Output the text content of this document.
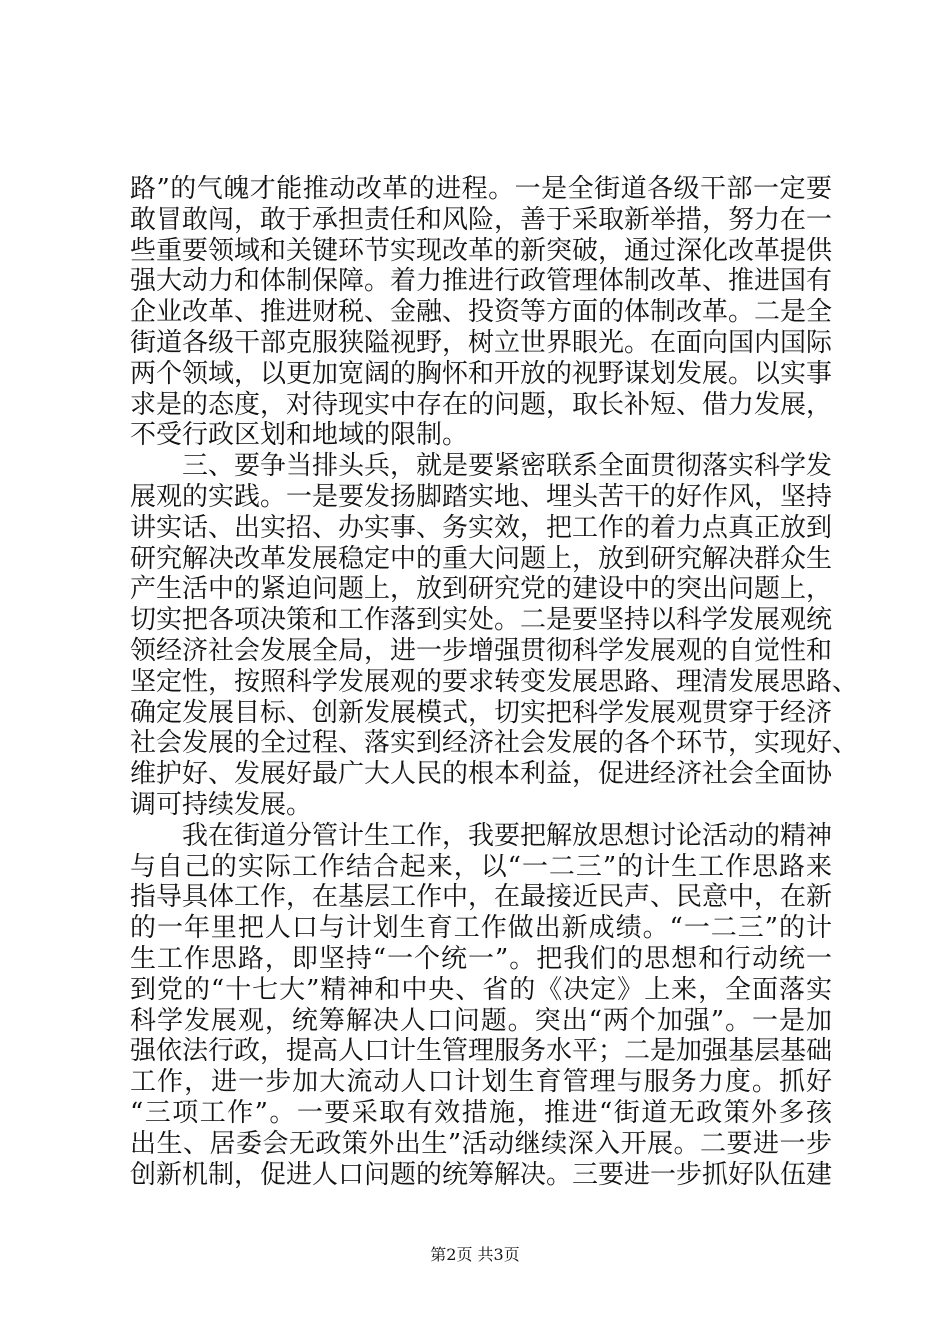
路”的气魄才能推动改革的进程。一是全街道各级干部一定要
敢冒敢闯，敢于承担责任和风险，善于采取新举措，努力在一
些重要领域和关键环节实现改革的新突破，通过深化改革提供
强大动力和体制保障。着力推进行政管理体制改革、推进国有
企业改革、推进财税、金融、投资等方面的体制改革。二是全
街道各级干部克服狭隘视野，树立世界眼光。在面向国内国际
两个领域，以更加宽阔的胸怀和开放的视野谋划发展。以实事
求是的态度，对待现实中存在的问题，取长补短、借力发展，
不受行政区划和地域的限制。
　　三、要争当排头兵，就是要紧密联系全面贯彻落实科学发
展观的实践。一是要发扬脚踏实地、埋头苦干的好作风，坚持
讲实话、出实招、办实事、务实效，把工作的着力点真正放到
研究解决改革发展稳定中的重大问题上，放到研究解决群众生
产生活中的紧迫问题上，放到研究党的建设中的突出问题上，
切实把各项决策和工作落到实处。二是要坚持以科学发展观统
领经济社会发展全局，进一步增强贯彻科学发展观的自觉性和
坚定性，按照科学发展观的要求转变发展思路、理清发展思路、
确定发展目标、创新发展模式，切实把科学发展观贯穿于经济
社会发展的全过程、落实到经济社会发展的各个环节，实现好、
维护好、发展好最广大人民的根本利益，促进经济社会全面协
调可持续发展。
　　我在街道分管计生工作，我要把解放思想讨论活动的精神
与自己的实际工作结合起来，以“一二三”的计生工作思路来
指导具体工作，在基层工作中，在最接近民声、民意中，在新
的一年里把人口与计划生育工作做出新成绩。“一二三”的计
生工作思路，即坚持“一个统一”。把我们的思想和行动统一
到党的“十七大”精神和中央、省的《决定》上来，全面落实
科学发展观，统筹解决人口问题。突出“两个加强”。一是加
强依法行政，提高人口计生管理服务水平；二是加强基层基础
工作，进一步加大流动人口计划生育管理与服务力度。抓好
“三项工作”。一要采取有效措施，推进“街道无政策外多孩
出生、居委会无政策外出生”活动继续深入开展。二要进一步
创新机制，促进人口问题的统筹解决。三要进一步抓好队伍建
第2页 共3页
